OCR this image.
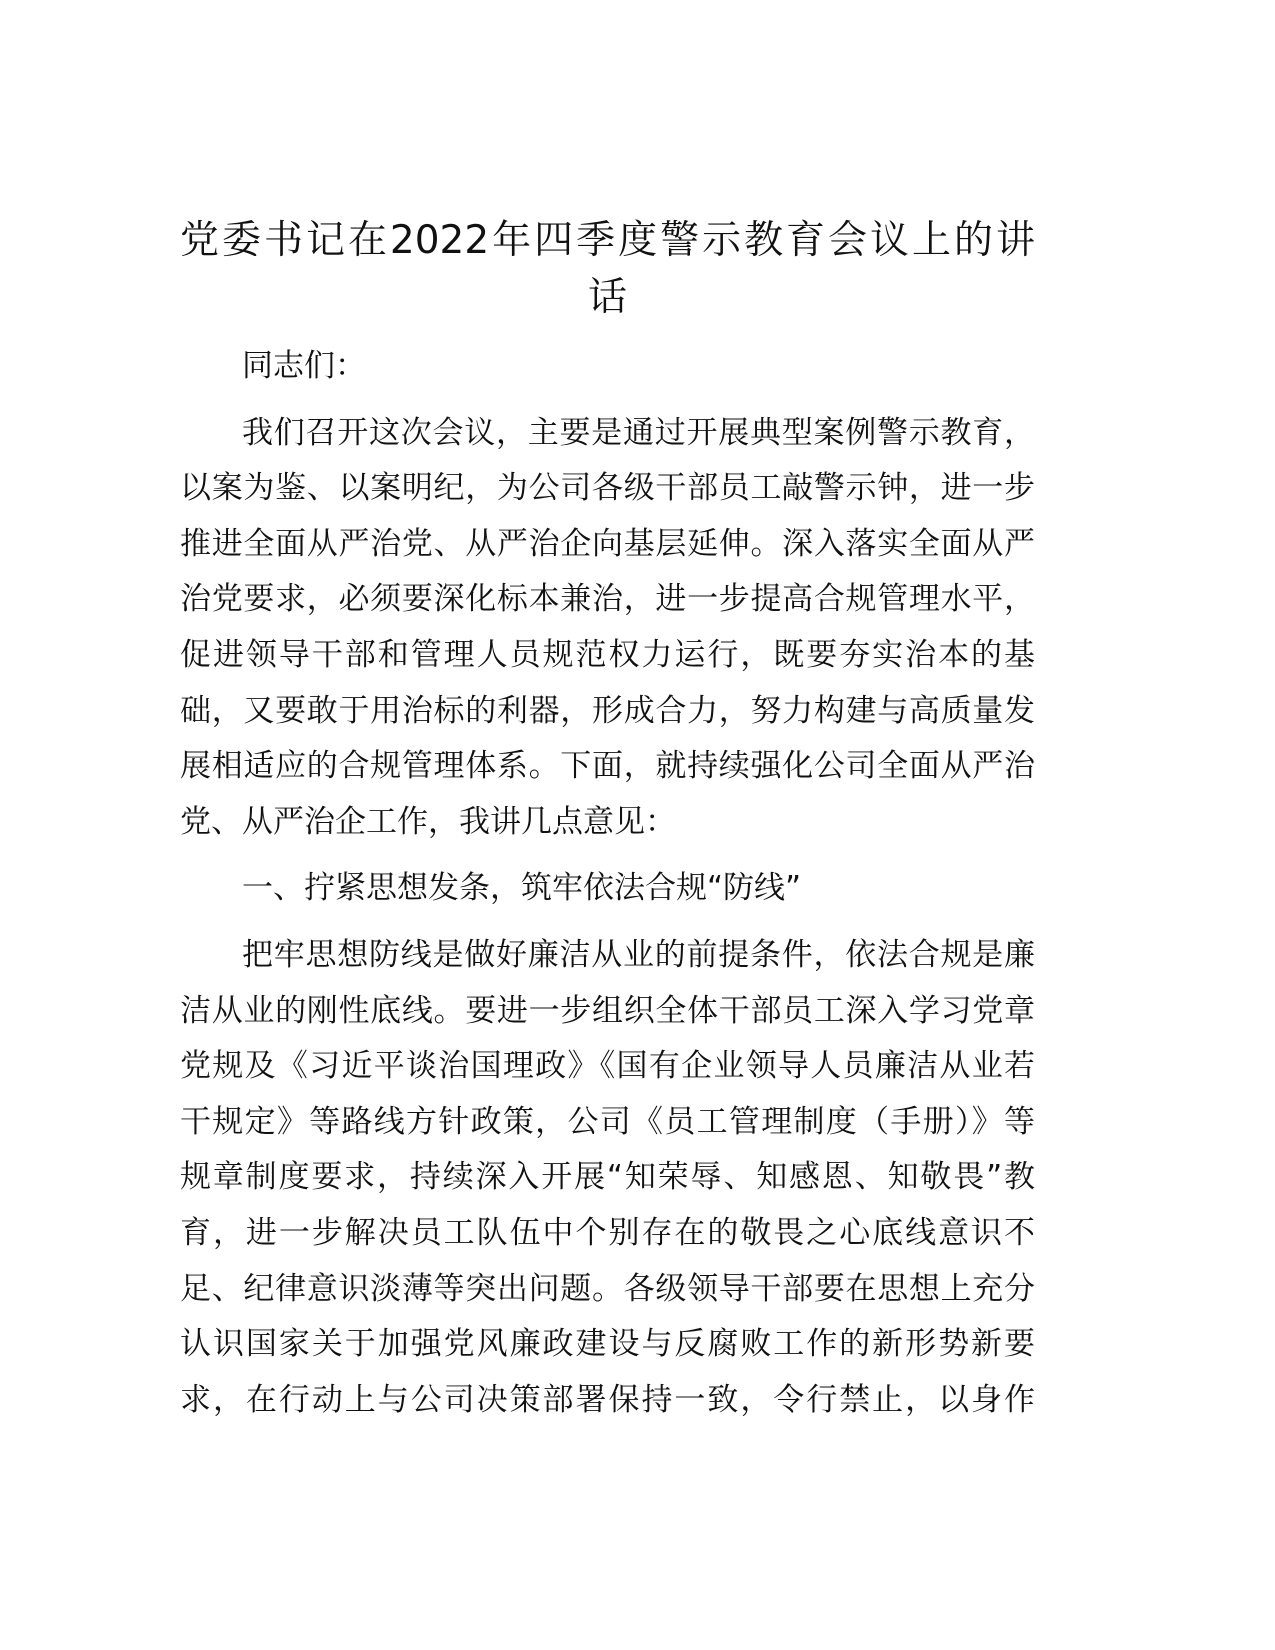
党委书记在2022年四季度警示教育会议上的讲
话
同志们：
我们召开这次会议，主要是通过开展典型案例警示教育，
以案为鉴、以案明纪，为公司各级干部员工敲警示钟，进一步
推进全面从严治党、从严治企向基层延伸。深入落实全面从严
治党要求，必须要深化标本兼治，进一步提高合规管理水平，
促进领导干部和管理人员规范权力运行，既要夯实治本的基
础，又要敢于用治标的利器，形成合力，努力构建与高质量发
展相适应的合规管理体系。下面，就持续强化公司全面从严治
党、从严治企工作，我讲几点意见：
一、拧紧思想发条，筑牢依法合规“防线”
把牢思想防线是做好廉洁从业的前提条件，依法合规是廉
洁从业的刚性底线。要进一步组织全体干部员工深入学习党章
党规及《习近平谈治国理政》《国有企业领导人员廉洁从业若
干规定》等路线方针政策，公司《员工管理制度（手册）》等
规章制度要求，持续深入开展“知荣辱、知感恩、知敬畏”教
育，进一步解决员工队伍中个别存在的敬畏之心底线意识不
足、纪律意识淡薄等突出问题。各级领导干部要在思想上充分
认识国家关于加强党风廉政建设与反腐败工作的新形势新要
求，在行动上与公司决策部署保持一致，令行禁止，以身作
